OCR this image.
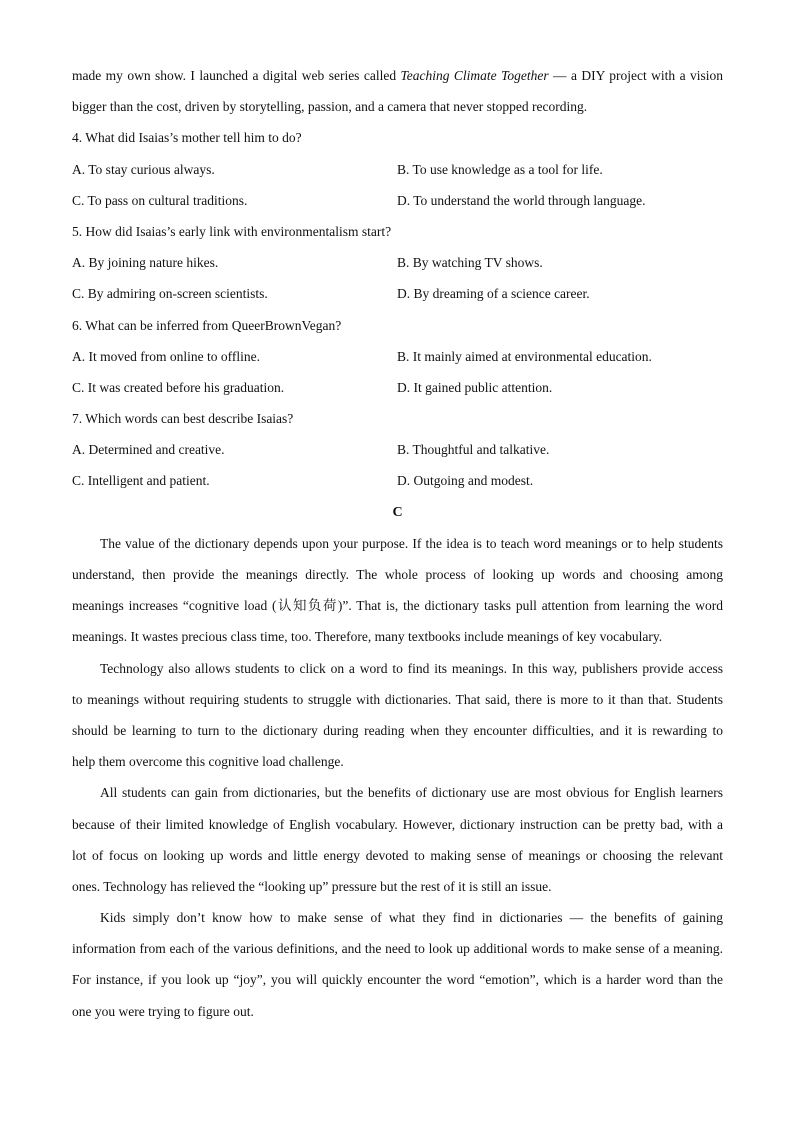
made my own show. I launched a digital web series called Teaching Climate Together — a DIY project with a vision
bigger than the cost, driven by storytelling, passion, and a camera that never stopped recording.
4. What did Isaias’s mother tell him to do?
A. To stay curious always.	B. To use knowledge as a tool for life.
C. To pass on cultural traditions.	D. To understand the world through language.
5. How did Isaias’s early link with environmentalism start?
A. By joining nature hikes.	B. By watching TV shows.
C. By admiring on-screen scientists.	D. By dreaming of a science career.
6. What can be inferred from QueerBrownVegan?
A. It moved from online to offline.	B. It mainly aimed at environmental education.
C. It was created before his graduation.	D. It gained public attention.
7. Which words can best describe Isaias?
A. Determined and creative.	B. Thoughtful and talkative.
C. Intelligent and patient.	D. Outgoing and modest.
C
The value of the dictionary depends upon your purpose. If the idea is to teach word meanings or to help students
understand, then provide the meanings directly. The whole process of looking up words and choosing among
meanings increases “cognitive load (认知负荷)”. That is, the dictionary tasks pull attention from learning the word
meanings. It wastes precious class time, too. Therefore, many textbooks include meanings of key vocabulary.
Technology also allows students to click on a word to find its meanings. In this way, publishers provide access
to meanings without requiring students to struggle with dictionaries. That said, there is more to it than that. Students
should be learning to turn to the dictionary during reading when they encounter difficulties, and it is rewarding to
help them overcome this cognitive load challenge.
All students can gain from dictionaries, but the benefits of dictionary use are most obvious for English learners
because of their limited knowledge of English vocabulary. However, dictionary instruction can be pretty bad, with a
lot of focus on looking up words and little energy devoted to making sense of meanings or choosing the relevant
ones. Technology has relieved the “looking up” pressure but the rest of it is still an issue.
Kids simply don’t know how to make sense of what they find in dictionaries — the benefits of gaining
information from each of the various definitions, and the need to look up additional words to make sense of a meaning.
For instance, if you look up “joy”, you will quickly encounter the word “emotion”, which is a harder word than the
one you were trying to figure out.
